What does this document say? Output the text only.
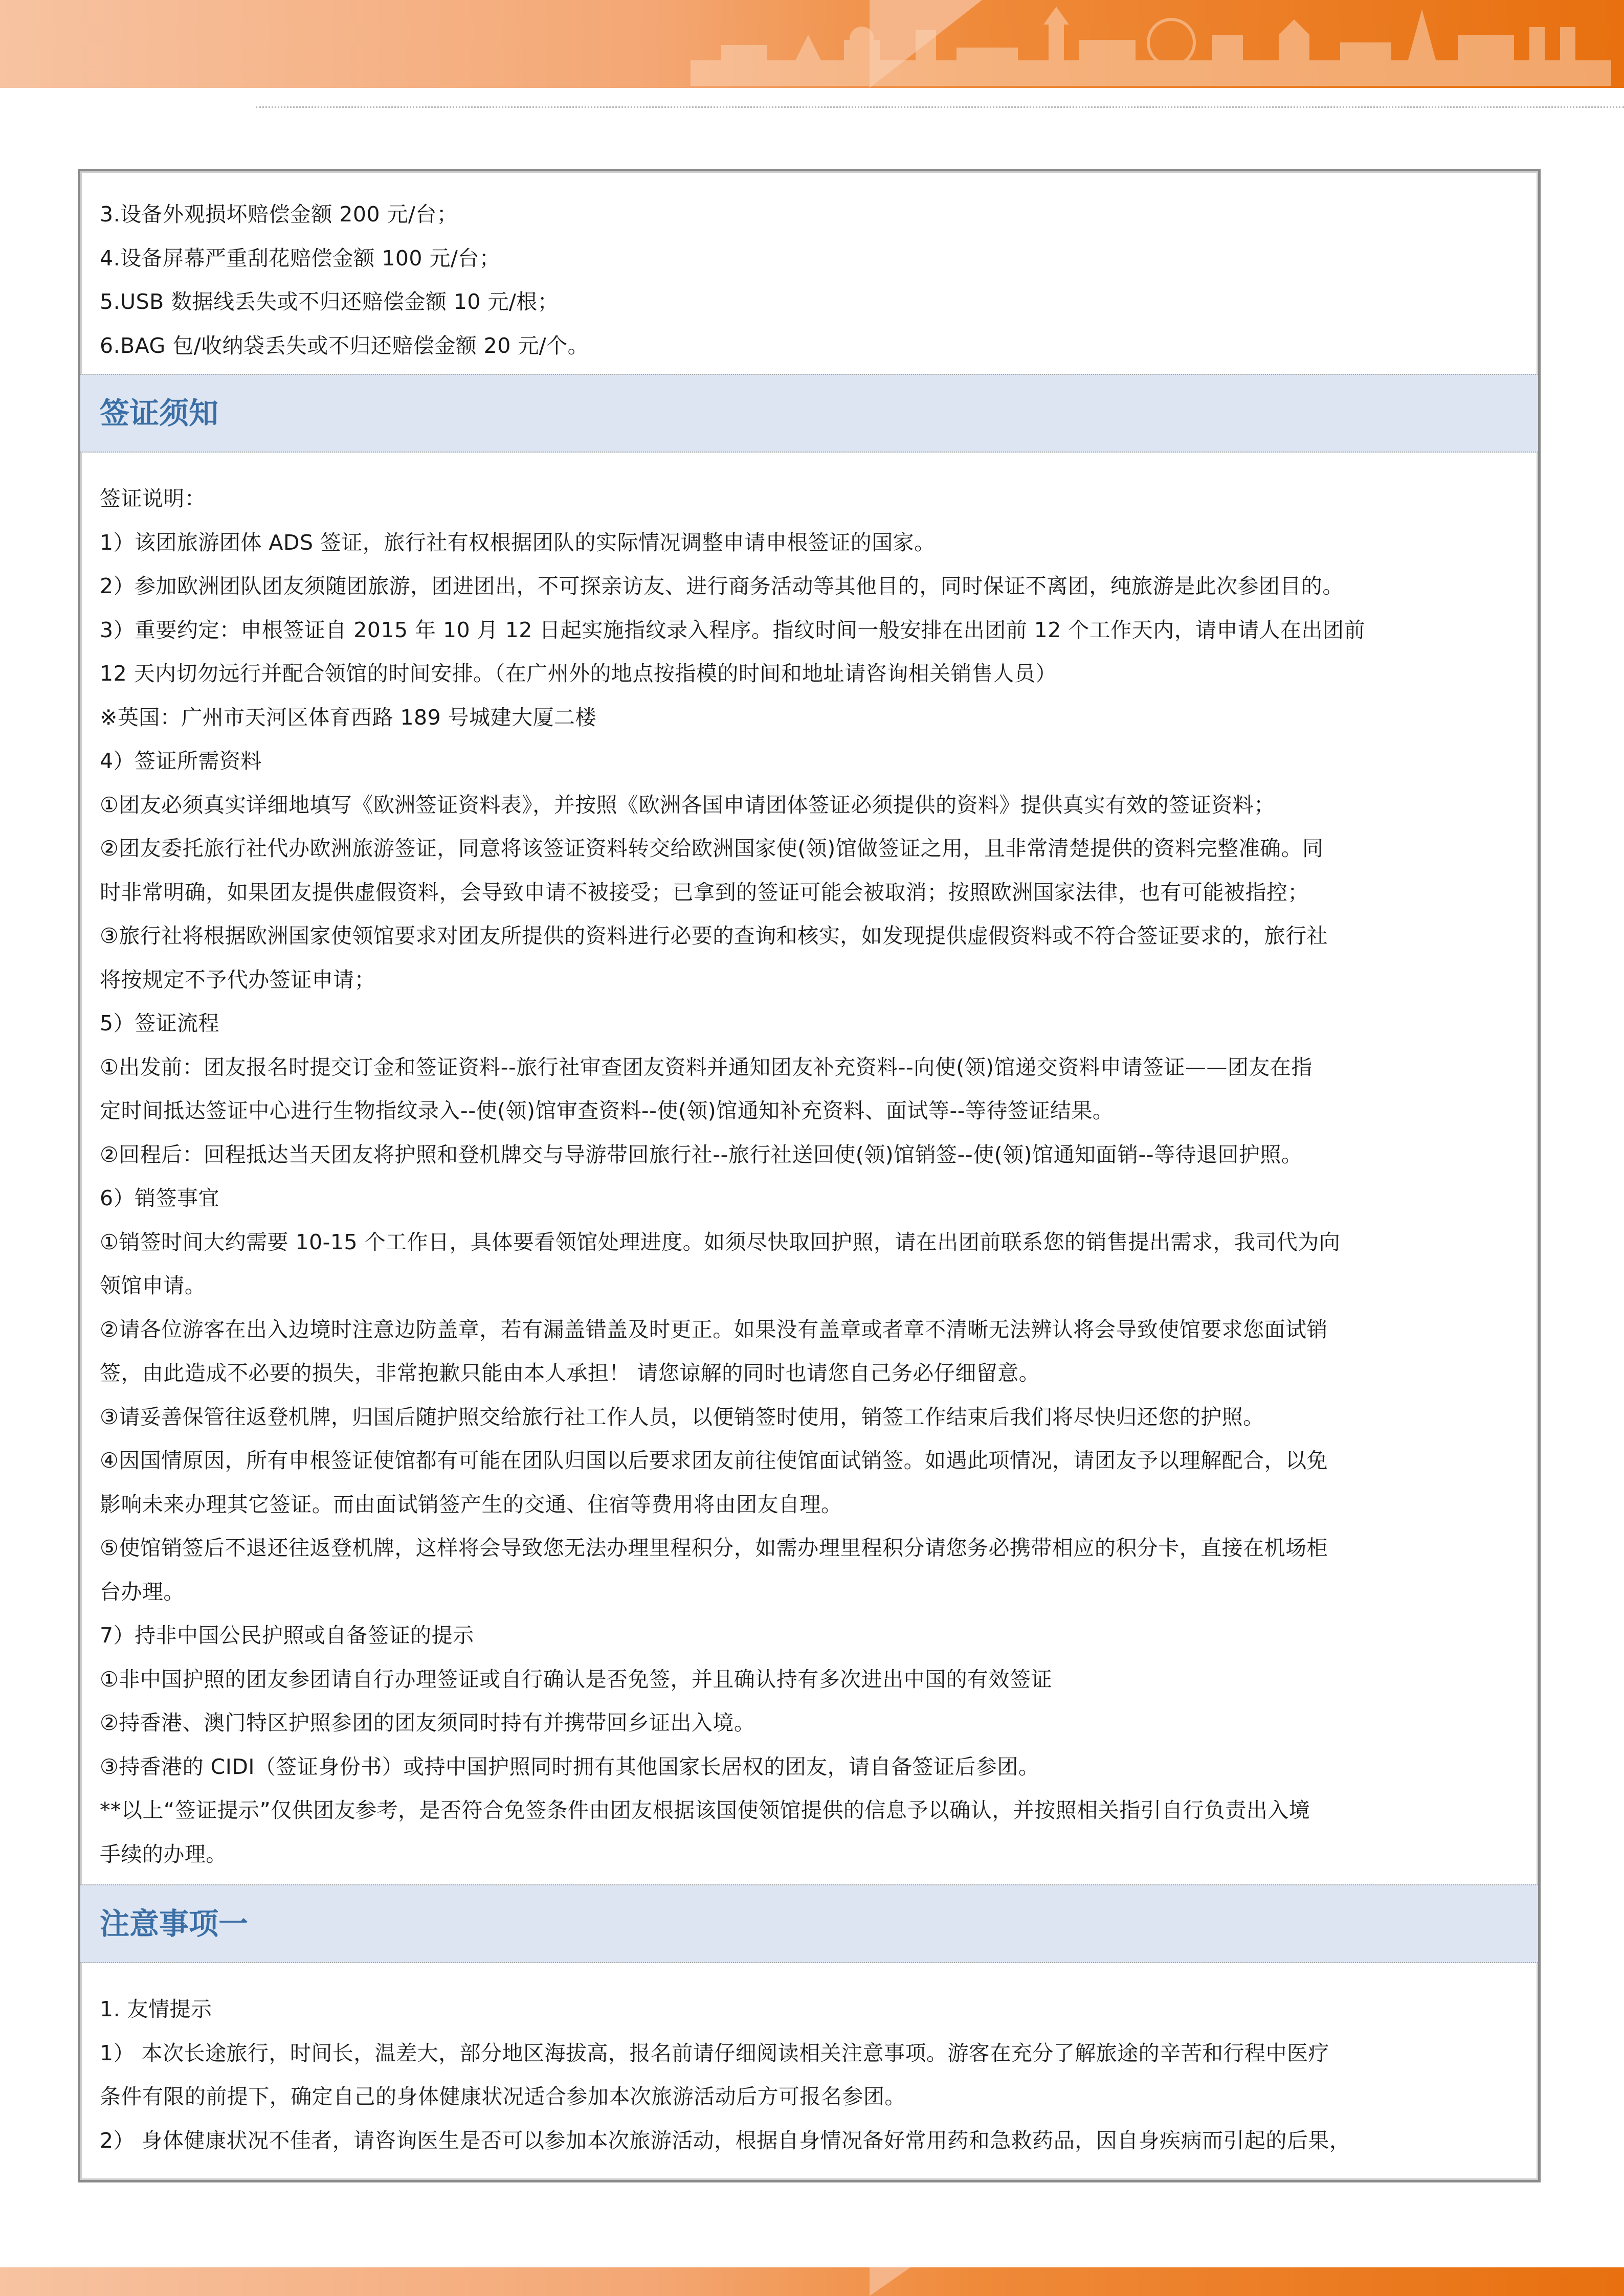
3.设备外观损坏赔偿金额 200 元/台；
4.设备屏幕严重刮花赔偿金额 100 元/台；
5.USB 数据线丢失或不归还赔偿金额 10 元/根；
6.BAG 包/收纳袋丢失或不归还赔偿金额 20 元/个。
签证须知
签证说明：
1）该团旅游团体 ADS 签证，旅行社有权根据团队的实际情况调整申请申根签证的国家。
2）参加欧洲团队团友须随团旅游，团进团出，不可探亲访友、进行商务活动等其他目的，同时保证不离团，纯旅游是此次参团目的。
3）重要约定：申根签证自 2015 年 10 月 12 日起实施指纹录入程序。指纹时间一般安排在出团前 12 个工作天内，请申请人在出团前
12 天内切勿远行并配合领馆的时间安排。（在广州外的地点按指模的时间和地址请咨询相关销售人员）
※英国：广州市天河区体育西路 189 号城建大厦二楼
4）签证所需资料
①团友必须真实详细地填写《欧洲签证资料表》，并按照《欧洲各国申请团体签证必须提供的资料》提供真实有效的签证资料；
②团友委托旅行社代办欧洲旅游签证，同意将该签证资料转交给欧洲国家使(领)馆做签证之用，且非常清楚提供的资料完整准确。同
时非常明确，如果团友提供虚假资料，会导致申请不被接受；已拿到的签证可能会被取消；按照欧洲国家法律，也有可能被指控；
③旅行社将根据欧洲国家使领馆要求对团友所提供的资料进行必要的查询和核实，如发现提供虚假资料或不符合签证要求的，旅行社
将按规定不予代办签证申请；
5）签证流程
①出发前：团友报名时提交订金和签证资料--旅行社审查团友资料并通知团友补充资料--向使(领)馆递交资料申请签证——团友在指
定时间抵达签证中心进行生物指纹录入--使(领)馆审查资料--使(领)馆通知补充资料、面试等--等待签证结果。
②回程后：回程抵达当天团友将护照和登机牌交与导游带回旅行社--旅行社送回使(领)馆销签--使(领)馆通知面销--等待退回护照。
6）销签事宜
①销签时间大约需要 10-15 个工作日，具体要看领馆处理进度。如须尽快取回护照，请在出团前联系您的销售提出需求，我司代为向
领馆申请。
②请各位游客在出入边境时注意边防盖章，若有漏盖错盖及时更正。如果没有盖章或者章不清晰无法辨认将会导致使馆要求您面试销
签，由此造成不必要的损失，非常抱歉只能由本人承担！ 请您谅解的同时也请您自己务必仔细留意。
③请妥善保管往返登机牌，归国后随护照交给旅行社工作人员，以便销签时使用，销签工作结束后我们将尽快归还您的护照。
④因国情原因，所有申根签证使馆都有可能在团队归国以后要求团友前往使馆面试销签。如遇此项情况，请团友予以理解配合，以免
影响未来办理其它签证。而由面试销签产生的交通、住宿等费用将由团友自理。
⑤使馆销签后不退还往返登机牌，这样将会导致您无法办理里程积分，如需办理里程积分请您务必携带相应的积分卡，直接在机场柜
台办理。
7）持非中国公民护照或自备签证的提示
①非中国护照的团友参团请自行办理签证或自行确认是否免签，并且确认持有多次进出中国的有效签证
②持香港、澳门特区护照参团的团友须同时持有并携带回乡证出入境。
③持香港的 CIDI（签证身份书）或持中国护照同时拥有其他国家长居权的团友，请自备签证后参团。
**以上“签证提示”仅供团友参考，是否符合免签条件由团友根据该国使领馆提供的信息予以确认，并按照相关指引自行负责出入境
手续的办理。
注意事项一
1. 友情提示
1） 本次长途旅行，时间长，温差大，部分地区海拔高，报名前请仔细阅读相关注意事项。游客在充分了解旅途的辛苦和行程中医疗
条件有限的前提下，确定自己的身体健康状况适合参加本次旅游活动后方可报名参团。
2） 身体健康状况不佳者，请咨询医生是否可以参加本次旅游活动，根据自身情况备好常用药和急救药品，因自身疾病而引起的后果，
